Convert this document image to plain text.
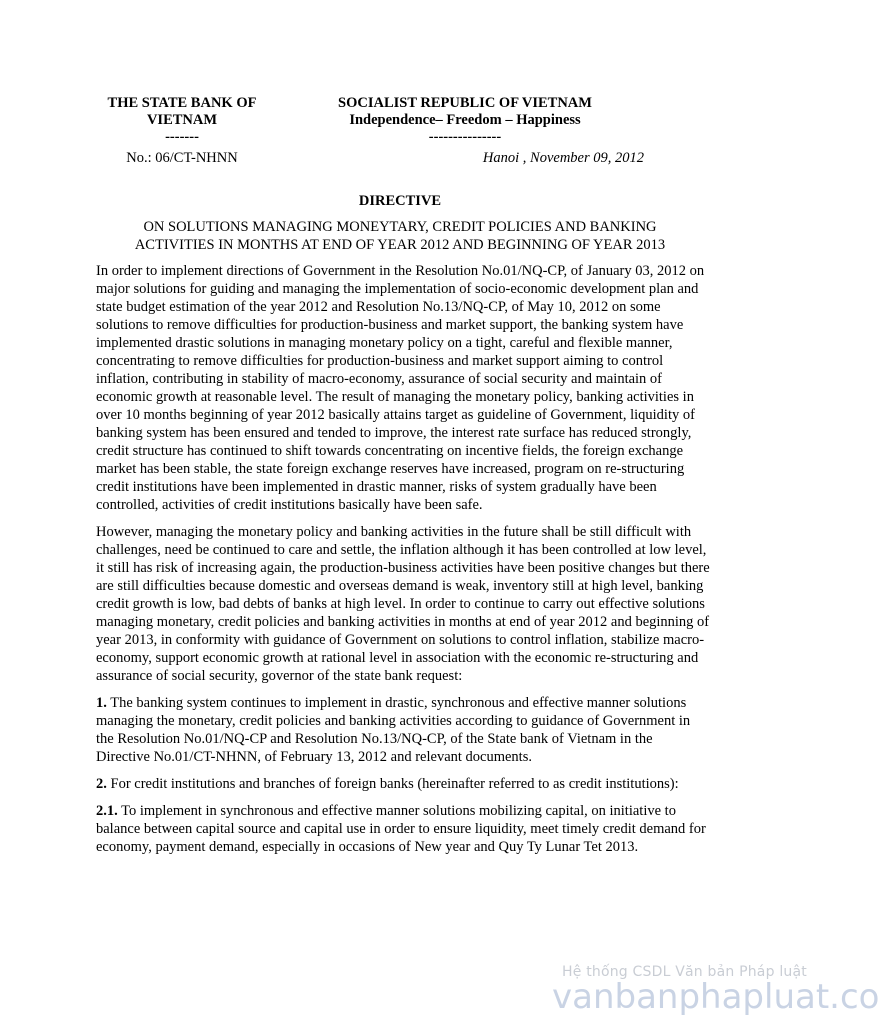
THE STATE BANK OF
VIETNAM
-------
No.: 06/CT-NHNN
SOCIALIST REPUBLIC OF VIETNAM
Independence– Freedom – Happiness
---------------
Hanoi , November 09, 2012
DIRECTIVE
ON SOLUTIONS MANAGING MONEYTARY, CREDIT POLICIES AND BANKING
ACTIVITIES IN MONTHS AT END OF YEAR 2012 AND BEGINNING OF YEAR 2013

In order to implement directions of Government in the Resolution No.01/NQ-CP, of January 03, 2012 on major solutions for guiding and managing the implementation of socio-economic development plan and state budget estimation of the year 2012 and Resolution No.13/NQ-CP, of May 10, 2012 on some solutions to remove difficulties for production-business and market support, the banking system have implemented drastic solutions in managing monetary policy on a tight, careful and flexible manner, concentrating to remove difficulties for production-business and market support aiming to control inflation, contributing in stability of macro-economy, assurance of social security and maintain of economic growth at reasonable level. The result of managing the monetary policy, banking activities in over 10 months beginning of year 2012 basically attains target as guideline of Government, liquidity of banking system has been ensured and tended to improve, the interest rate surface has reduced strongly, credit structure has continued to shift towards concentrating on incentive fields, the foreign exchange market has been stable, the state foreign exchange reserves have increased, program on re-structuring credit institutions have been implemented in drastic manner, risks of system gradually have been controlled, activities of credit institutions basically have been safe.

However, managing the monetary policy and banking activities in the future shall be still difficult with challenges, need be continued to care and settle, the inflation although it has been controlled at low level, it still has risk of increasing again, the production-business activities have been positive changes but there are still difficulties because domestic and overseas demand is weak, inventory still at high level, banking credit growth is low, bad debts of banks at high level. In order to continue to carry out effective solutions managing monetary, credit policies and banking activities in months at end of year 2012 and beginning of year 2013, in conformity with guidance of Government on solutions to control inflation, stabilize macro-economy, support economic growth at rational level in association with the economic re-structuring and assurance of social security, governor of the state bank request:

1. The banking system continues to implement in drastic, synchronous and effective manner solutions managing the monetary, credit policies and banking activities according to guidance of Government in the Resolution No.01/NQ-CP and Resolution No.13/NQ-CP, of the State bank of Vietnam in the Directive No.01/CT-NHNN, of February 13, 2012 and relevant documents.

2. For credit institutions and branches of foreign banks (hereinafter referred to as credit institutions):

2.1. To implement in synchronous and effective manner solutions mobilizing capital, on initiative to balance between capital source and capital use in order to ensure liquidity, meet timely credit demand for economy, payment demand, especially in occasions of New year and Quy Ty Lunar Tet 2013.

Hệ thống CSDL Văn bản Pháp luật
vanbanphapluat.co
